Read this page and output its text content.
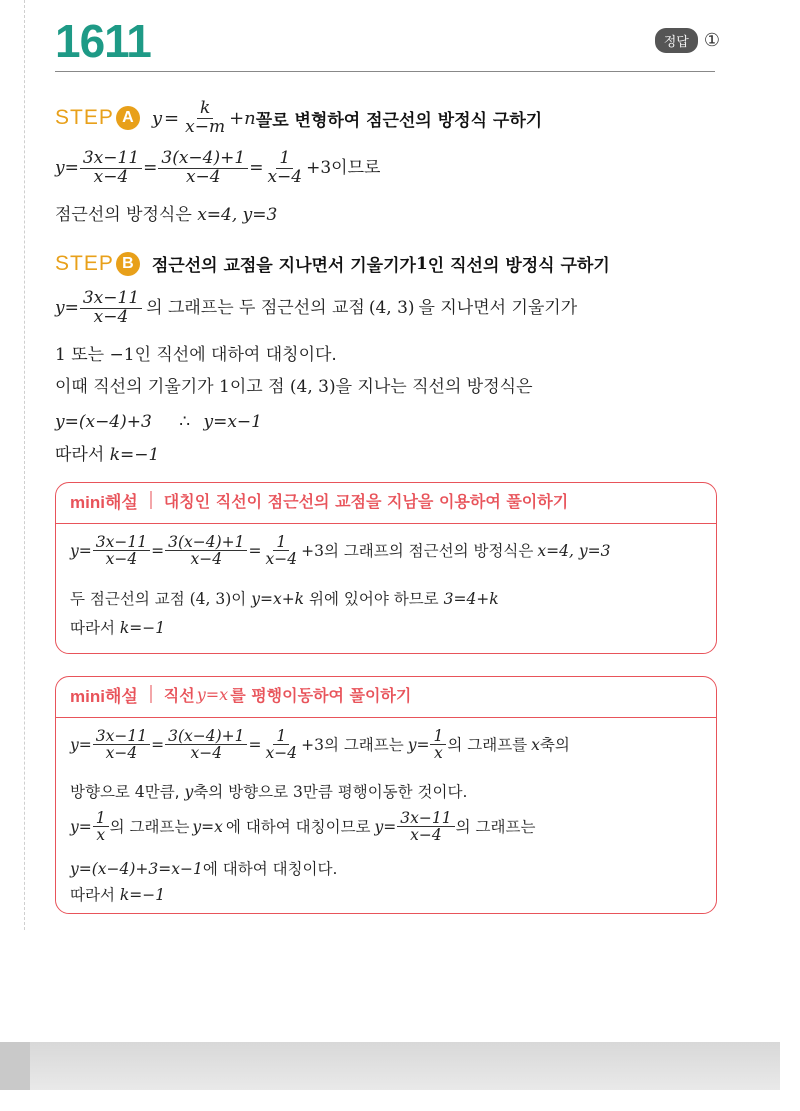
1611	정답 ①
STEP A	$y = \frac{k}{x-m} +n$ 꼴로 변형하여 점근선의 방정식 구하기
$y = \frac{3x-11}{x-4} = \frac{3(x-4)+1}{x-4} = \frac{1}{x-4} +3$ 이므로
점근선의 방정식은 x=4, y=3
STEP B	점근선의 교점을 지나면서 기울기가 1 인 직선의 방정식 구하기
$y = \frac{3x-11}{x-4}$ 의 그래프는 두 점근선의 교점 (4, 3) 을 지나면서 기울기가
1 또는 −1인 직선에 대하여 대칭이다.
이때 직선의 기울기가 1이고 점 (4, 3)을 지나는 직선의 방정식은
y=(x−4)+3 ∴ y=x−1
따라서 k=−1
mini해설 대칭인 직선이 점근선의 교점을 지남을 이용하여 풀이하기
$y= \frac{3x-11}{x-4} = \frac{3(x-4)+1}{x-4} = \frac{1}{x-4} +3$ 의 그래프의 점근선의 방정식은 x=4, y=3
두 점근선의 교점 (4, 3)이 y=x+k 위에 있어야 하므로 3=4+k
따라서 k=−1
mini해설 직선 y=x 를 평행이동하여 풀이하기
$y= \frac{3x-11}{x-4} = \frac{3(x-4)+1}{x-4} = \frac{1}{x-4} +3$ 의 그래프는 $y= \frac{1}{x}$ 의 그래프를 x 축의
방향으로 4만큼, y축의 방향으로 3만큼 평행이동한 것이다.
$y= \frac{1}{x}$ 의 그래프는 y=x 에 대하여 대칭이므로 $y= \frac{3x-11}{x-4}$ 의 그래프는
y=(x−4)+3=x−1에 대하여 대칭이다.
따라서 k=−1
